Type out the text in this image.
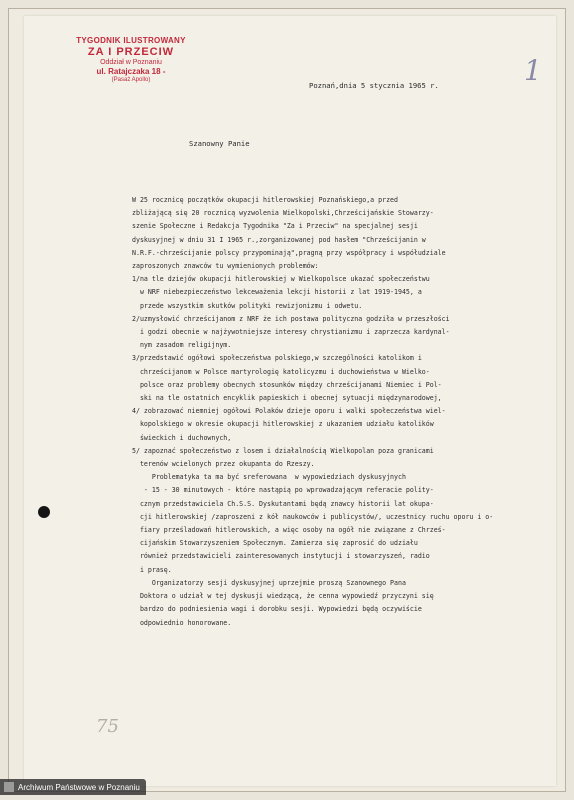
TYGODNIK ILUSTROWANY
ZA I PRZECIW
Oddział w Poznaniu
ul. Ratajczaka 18 -
(Pasaż Apollo)	1
Poznań,dnia 5 stycznia 1965 r.
Szanowny Panie
W 25 rocznicę początków okupacji hitlerowskiej Poznańskiego,a przed
zbliżającą się 20 rocznicą wyzwolenia Wielkopolski,Chrześcijańskie Stowarzy-
szenie Społeczne i Redakcja Tygodnika "Za i Przeciw" na specjalnej sesji
dyskusyjnej w dniu 31 I 1965 r.,zorganizowanej pod hasłem "Chrześcijanin w
N.R.F.-chrześcijanie polscy przypominają",pragną przy współpracy i współudziale
zaproszonych znawców tu wymienionych problemów:
1/na tle dziejów okupacji hitlerowskiej w Wielkopolsce ukazać społeczeństwu
w NRF niebezpieczeństwo lekceważenia lekcji historii z lat 1919-1945, a
przede wszystkim skutków polityki rewizjonizmu i odwetu.
2/uzmysłowić chrześcijanom z NRF że ich postawa polityczna godziła w przeszłości
i godzi obecnie w najżywotniejsze interesy chrystianizmu i zaprzecza kardynal-
nym zasadom religijnym.
3/przedstawić ogółowi społeczeństwa polskiego,w szczególności katolikom i
chrześcijanom w Polsce martyrologię katolicyzmu i duchowieństwa w Wielko-
polsce oraz problemy obecnych stosunków między chrześcijanami Niemiec i Pol-
ski na tle ostatnich encyklik papieskich i obecnej sytuacji międzynarodowej,
4/ zobrazować niemniej ogółowi Polaków dzieje oporu i walki społeczeństwa wiel-
kopolskiego w okresie okupacji hitlerowskiej z ukazaniem udziału katolików
świeckich i duchownych,
5/ zapoznać społeczeństwo z losem i działalnością Wielkopolan poza granicami
terenów wcielonych przez okupanta do Rzeszy.
Problematyka ta ma być sreferowana  w wypowiedziach dyskusyjnych
- 15 - 30 minutowych - które nastąpią po wprowadzającym referacie polity-
cznym przedstawiciela Ch.S.S. Dyskutantami będą znawcy historii lat okupa-
cji hitlerowskiej /zaproszeni z kół naukowców i publicystów/, uczestnicy ruchu oporu i o-
fiary prześladowań hitlerowskich, a więc osoby na ogół nie związane z Chrześ-
cijańskim Stowarzyszeniem Społecznym. Zamierza się zaprosić do udziału
również przedstawicieli zainteresowanych instytucji i stowarzyszeń, radio
i prasę.
Organizatorzy sesji dyskusyjnej uprzejmie proszą Szanownego Pana
Doktora o udział w tej dyskusji wiedzącą, że cenna wypowiedź przyczyni się
bardzo do podniesienia wagi i dorobku sesji. Wypowiedzi będą oczywiście
odpowiednio honorowane.

75
Archiwum Państwowe w Poznaniu
